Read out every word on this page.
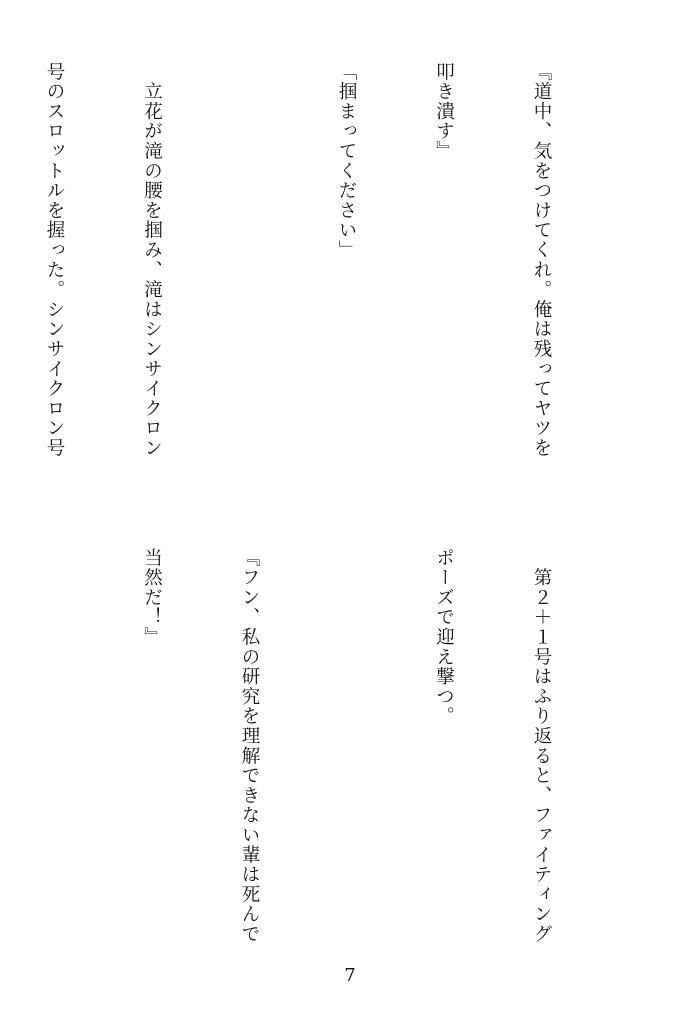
『道中、気をつけてくれ。俺は残ってヤツを

叩き潰す』

「掴まってください」

　立花が滝の腰を掴み、滝はシンサイクロン

号のスロットルを握った。シンサイクロン号

　第２＋１号はふり返ると、ファイティング

ポーズで迎え撃つ。

『フン、私の研究を理解できない輩は死んで

当然だ！』

7
